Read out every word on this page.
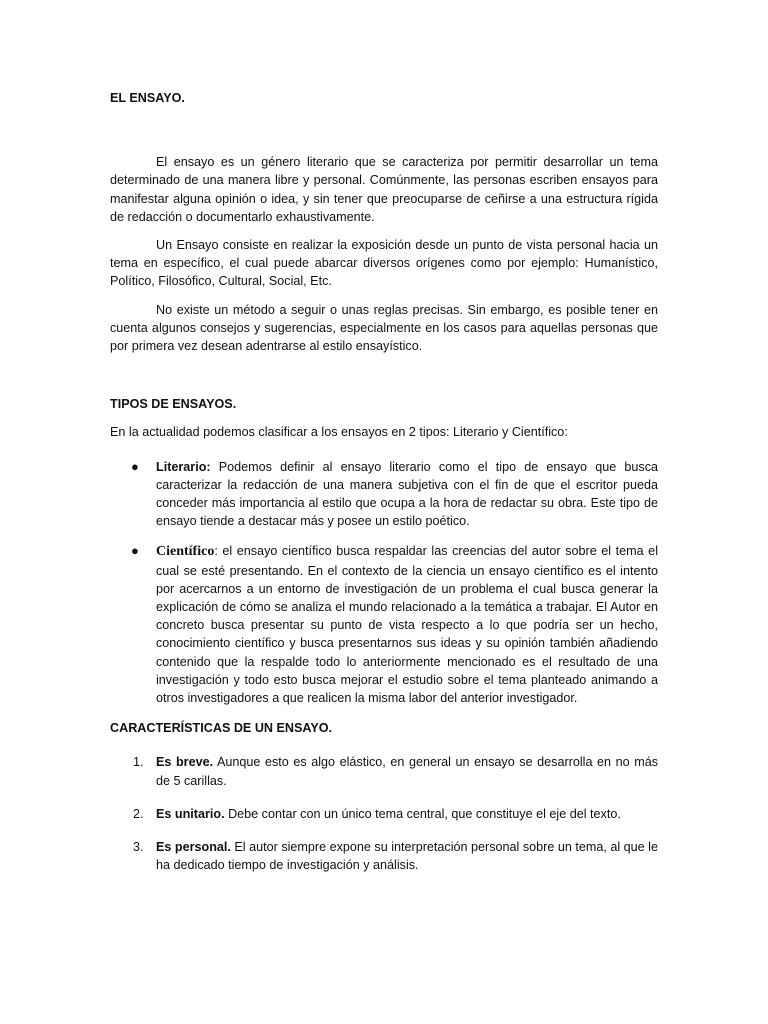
EL ENSAYO.

El ensayo es un género literario que se caracteriza por permitir desarrollar un tema determinado de una manera libre y personal. Comúnmente, las personas escriben ensayos para manifestar alguna opinión o idea, y sin tener que preocuparse de ceñirse a una estructura rígida de redacción o documentarlo exhaustivamente.

Un Ensayo consiste en realizar la exposición desde un punto de vista personal hacia un tema en específico, el cual puede abarcar diversos orígenes como por ejemplo: Humanístico, Político, Filosófico, Cultural, Social, Etc.

No existe un método a seguir o unas reglas precisas. Sin embargo, es posible tener en cuenta algunos consejos y sugerencias, especialmente en los casos para aquellas personas que por primera vez desean adentrarse al estilo ensayístico.

TIPOS DE ENSAYOS.

En la actualidad podemos clasificar a los ensayos en 2 tipos: Literario y Científico:

● Literario: Podemos definir al ensayo literario como el tipo de ensayo que busca caracterizar la redacción de una manera subjetiva con el fin de que el escritor pueda conceder más importancia al estilo que ocupa a la hora de redactar su obra. Este tipo de ensayo tiende a destacar más y posee un estilo poético.
● Científico: el ensayo científico busca respaldar las creencias del autor sobre el tema el cual se esté presentando. En el contexto de la ciencia un ensayo científico es el intento por acercarnos a un entorno de investigación de un problema el cual busca generar la explicación de cómo se analiza el mundo relacionado a la temática a trabajar. El Autor en concreto busca presentar su punto de vista respecto a lo que podría ser un hecho, conocimiento científico y busca presentarnos sus ideas y su opinión también añadiendo contenido que la respalde todo lo anteriormente mencionado es el resultado de una investigación y todo esto busca mejorar el estudio sobre el tema planteado animando a otros investigadores a que realicen la misma labor del anterior investigador.

CARACTERÍSTICAS DE UN ENSAYO.

1. Es breve. Aunque esto es algo elástico, en general un ensayo se desarrolla en no más de 5 carillas.
2. Es unitario. Debe contar con un único tema central, que constituye el eje del texto.
3. Es personal. El autor siempre expone su interpretación personal sobre un tema, al que le ha dedicado tiempo de investigación y análisis.
